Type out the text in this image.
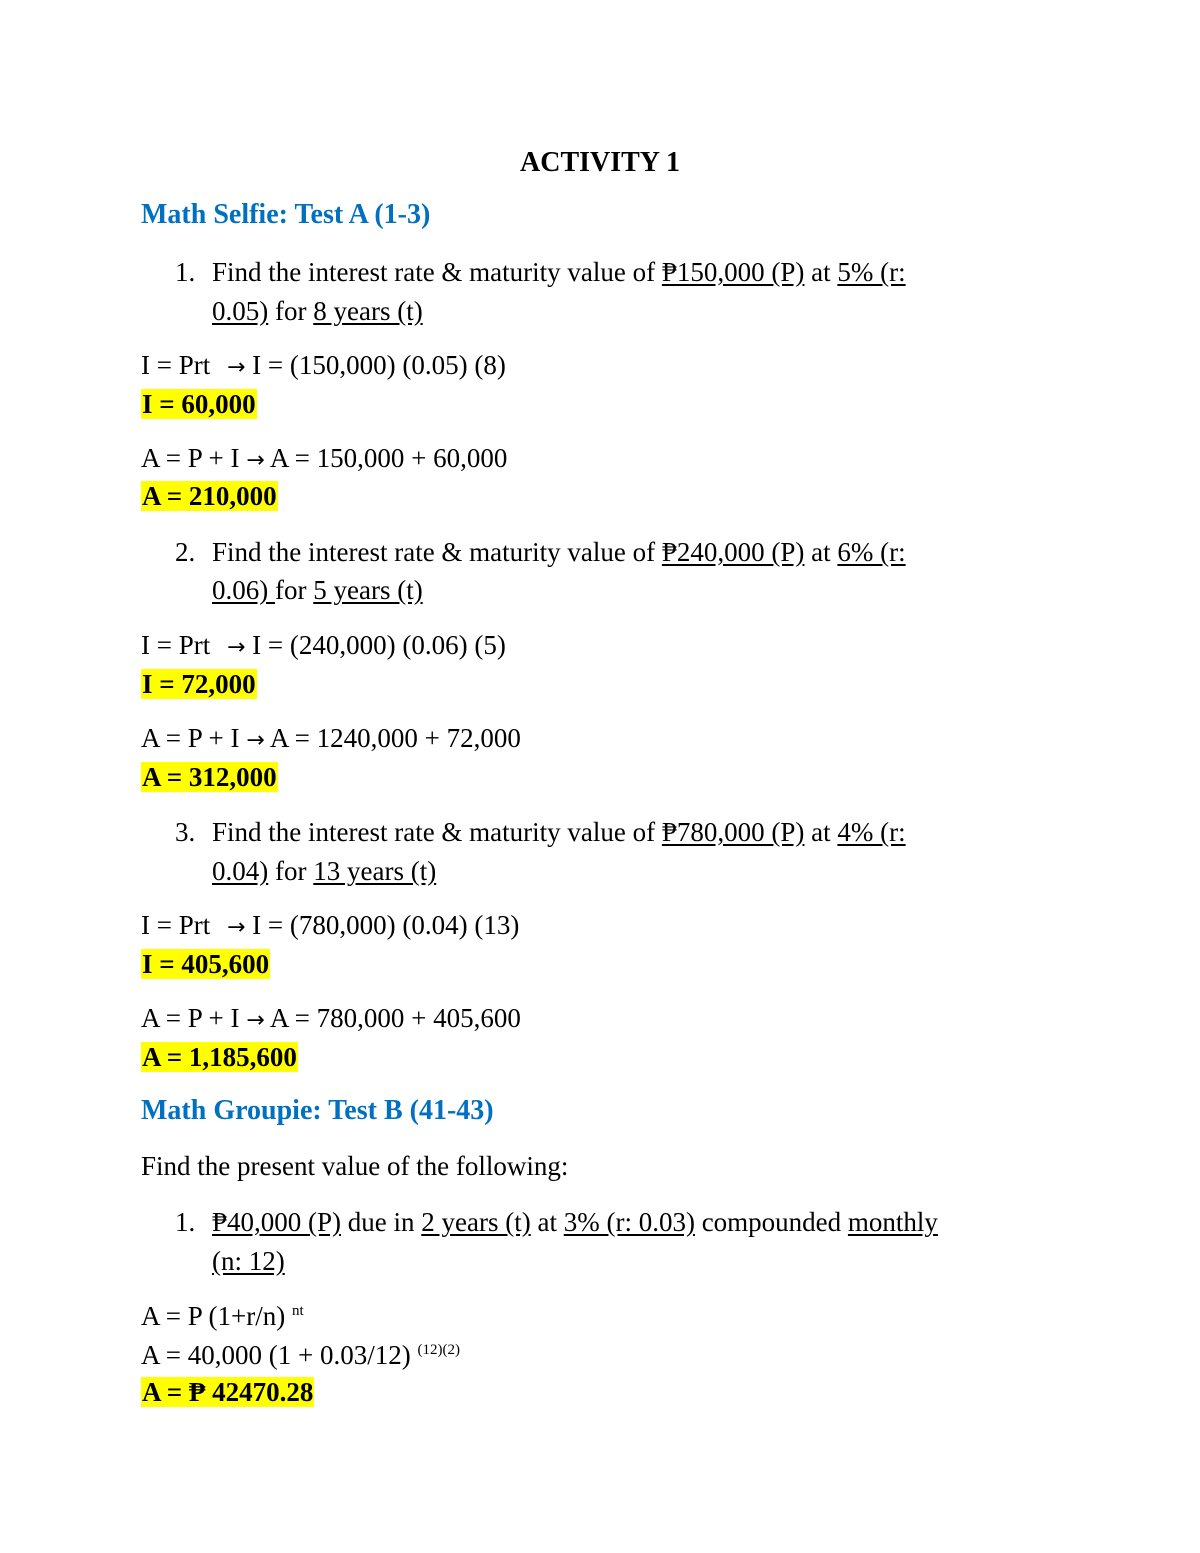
ACTIVITY 1
Math Selfie: Test A (1-3)
1. Find the interest rate & maturity value of ₱150,000 (P) at 5% (r:
0.05) for 8 years (t)
I = Prt → I = (150,000) (0.05) (8)
I = 60,000
A = P + I → A = 150,000 + 60,000
A = 210,000
2. Find the interest rate & maturity value of ₱240,000 (P) at 6% (r:
0.06) for 5 years (t)
I = Prt → I = (240,000) (0.06) (5)
I = 72,000
A = P + I → A = 1240,000 + 72,000
A = 312,000
3. Find the interest rate & maturity value of ₱780,000 (P) at 4% (r:
0.04) for 13 years (t)
I = Prt → I = (780,000) (0.04) (13)
I = 405,600
A = P + I → A = 780,000 + 405,600
A = 1,185,600
Math Groupie: Test B (41-43)
Find the present value of the following:
1. ₱40,000 (P) due in 2 years (t) at 3% (r: 0.03) compounded monthly
(n: 12)
A = P (1+r/n) $^{nt}$
A = 40,000 (1 + 0.03/12) $^{(12)(2)}$
A = ₱ 42470.28
